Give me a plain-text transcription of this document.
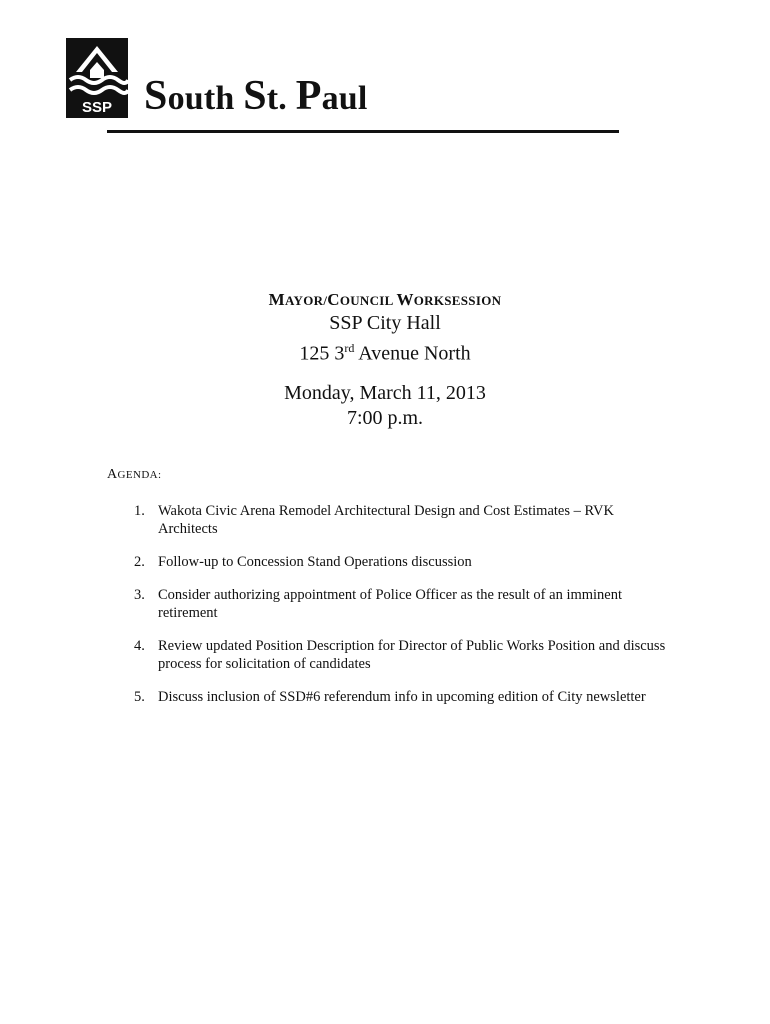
SSP South St. Paul
MAYOR/COUNCIL WORKSESSION
SSP City Hall
125 3rd Avenue North
Monday, March 11, 2013
7:00 p.m.
AGENDA:
1. Wakota Civic Arena Remodel Architectural Design and Cost Estimates – RVK Architects
2. Follow-up to Concession Stand Operations discussion
3. Consider authorizing appointment of Police Officer as the result of an imminent retirement
4. Review updated Position Description for Director of Public Works Position and discuss process for solicitation of candidates
5. Discuss inclusion of SSD#6 referendum info in upcoming edition of City newsletter
